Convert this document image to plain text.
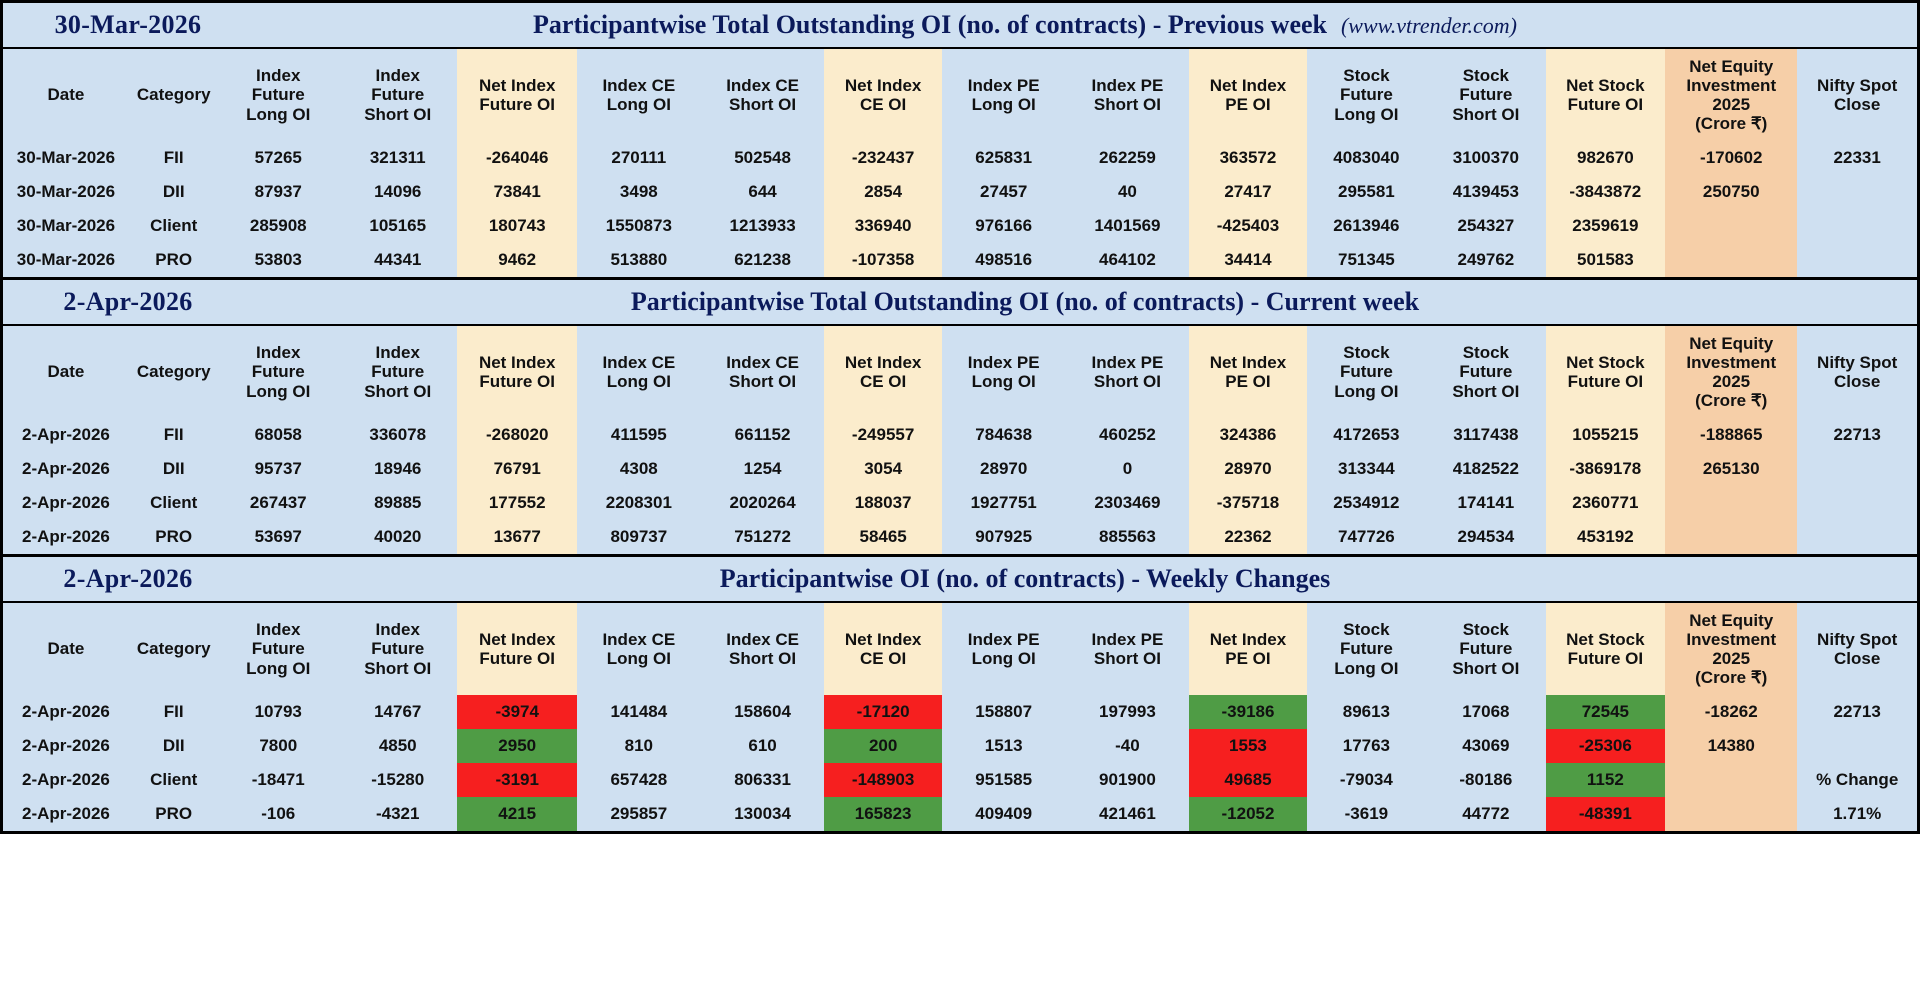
30-Mar-2026	Participantwise Total Outstanding OI (no. of contracts) - Previous week (www.vtrender.com)
Date	Category

Index
Future
Long OI

Index
Future
Short OI

Net Index
Future OI

Index CE
Long OI

Index CE
Short OI

Net Index
CE OI

Index PE
Long OI

Index PE
Short OI

Net Index
PE OI

Stock
Future
Long OI

Stock
Future
Short OI

Net Stock
Future OI

Net Equity
Investment
2025
(Crore ₹)

Nifty Spot
Close

30-Mar-2026	FII	57265	321311	-264046	270111	502548	-232437	625831	262259	363572	4083040	3100370	982670	-170602	22331
30-Mar-2026	DII	87937	14096	73841	3498	644	2854	27457	40	27417	295581	4139453	-3843872	250750	
30-Mar-2026	Client	285908	105165	180743	1550873	1213933	336940	976166	1401569	-425403	2613946	254327	2359619		
30-Mar-2026	PRO	53803	44341	9462	513880	621238	-107358	498516	464102	34414	751345	249762	501583		
2-Apr-2026	Participantwise Total Outstanding OI (no. of contracts) - Current week
Date	Category

Index
Future
Long OI

Index
Future
Short OI

Net Index
Future OI

Index CE
Long OI

Index CE
Short OI

Net Index
CE OI

Index PE
Long OI

Index PE
Short OI

Net Index
PE OI

Stock
Future
Long OI

Stock
Future
Short OI

Net Stock
Future OI

Net Equity
Investment
2025
(Crore ₹)

Nifty Spot
Close

2-Apr-2026	FII	68058	336078	-268020	411595	661152	-249557	784638	460252	324386	4172653	3117438	1055215	-188865	22713
2-Apr-2026	DII	95737	18946	76791	4308	1254	3054	28970	0	28970	313344	4182522	-3869178	265130	
2-Apr-2026	Client	267437	89885	177552	2208301	2020264	188037	1927751	2303469	-375718	2534912	174141	2360771		
2-Apr-2026	PRO	53697	40020	13677	809737	751272	58465	907925	885563	22362	747726	294534	453192		
2-Apr-2026	Participantwise OI (no. of contracts) - Weekly Changes
Date	Category

Index
Future
Long OI

Index
Future
Short OI

Net Index
Future OI

Index CE
Long OI

Index CE
Short OI

Net Index
CE OI

Index PE
Long OI

Index PE
Short OI

Net Index
PE OI

Stock
Future
Long OI

Stock
Future
Short OI

Net Stock
Future OI

Net Equity
Investment
2025
(Crore ₹)

Nifty Spot
Close

2-Apr-2026	FII	10793	14767	-3974	141484	158604	-17120	158807	197993	-39186	89613	17068	72545	-18262	22713
2-Apr-2026	DII	7800	4850	2950	810	610	200	1513	-40	1553	17763	43069	-25306	14380	
2-Apr-2026	Client	-18471	-15280	-3191	657428	806331	-148903	951585	901900	49685	-79034	-80186	1152		% Change
2-Apr-2026	PRO	-106	-4321	4215	295857	130034	165823	409409	421461	-12052	-3619	44772	-48391		1.71%
